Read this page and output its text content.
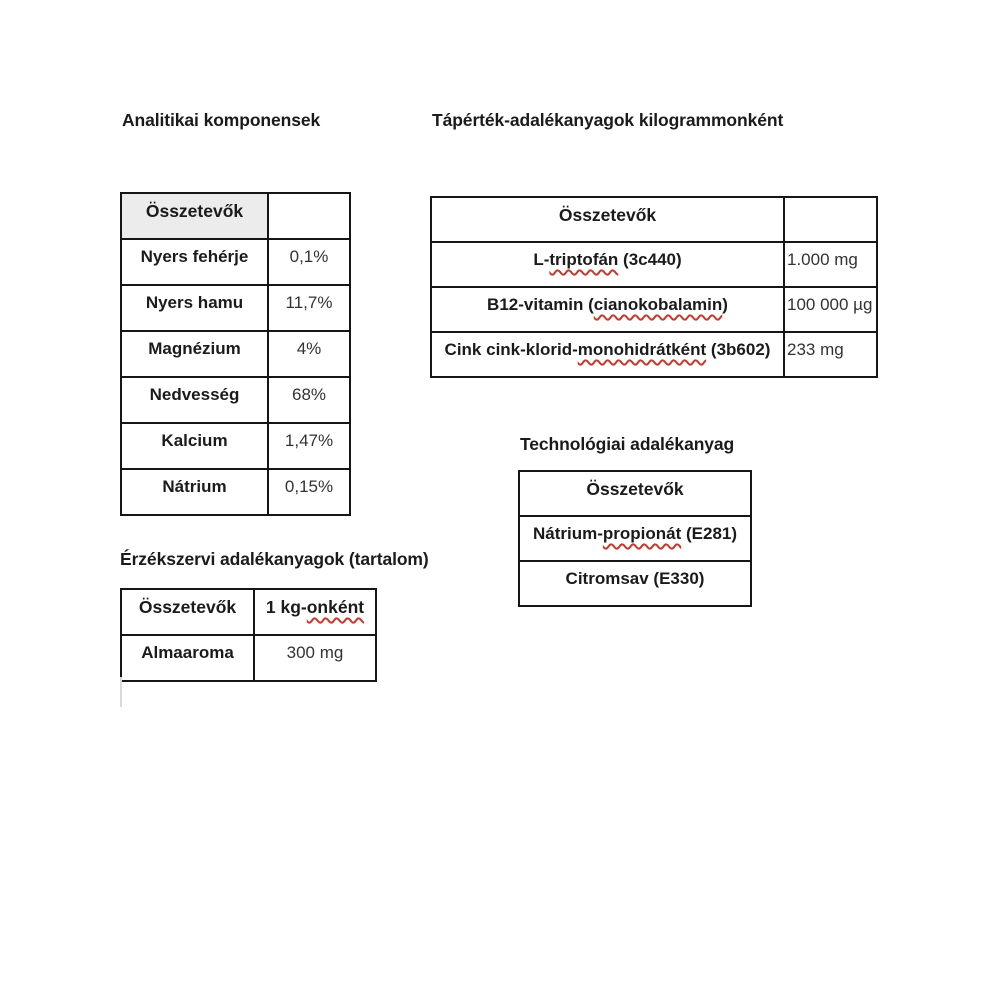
Analitikai komponensek
Összetevők	
Nyers fehérje	0,1%
Nyers hamu	11,7%
Magnézium	4%
Nedvesség	68%
Kalcium	1,47%
Nátrium	0,15%
Tápérték-adalékanyagok kilogrammonként
Összetevők	
L-triptofán (3c440)	1.000 mg
B12-vitamin (cianokobalamin)	100 000 µg
Cink cink-klorid-monohidrátként (3b602)	233 mg
Technológiai adalékanyag
Összetevők
Nátrium-propionát (E281)
Citromsav (E330)
Érzékszervi adalékanyagok (tartalom)
Összetevők	1 kg-onként
Almaaroma	300 mg
